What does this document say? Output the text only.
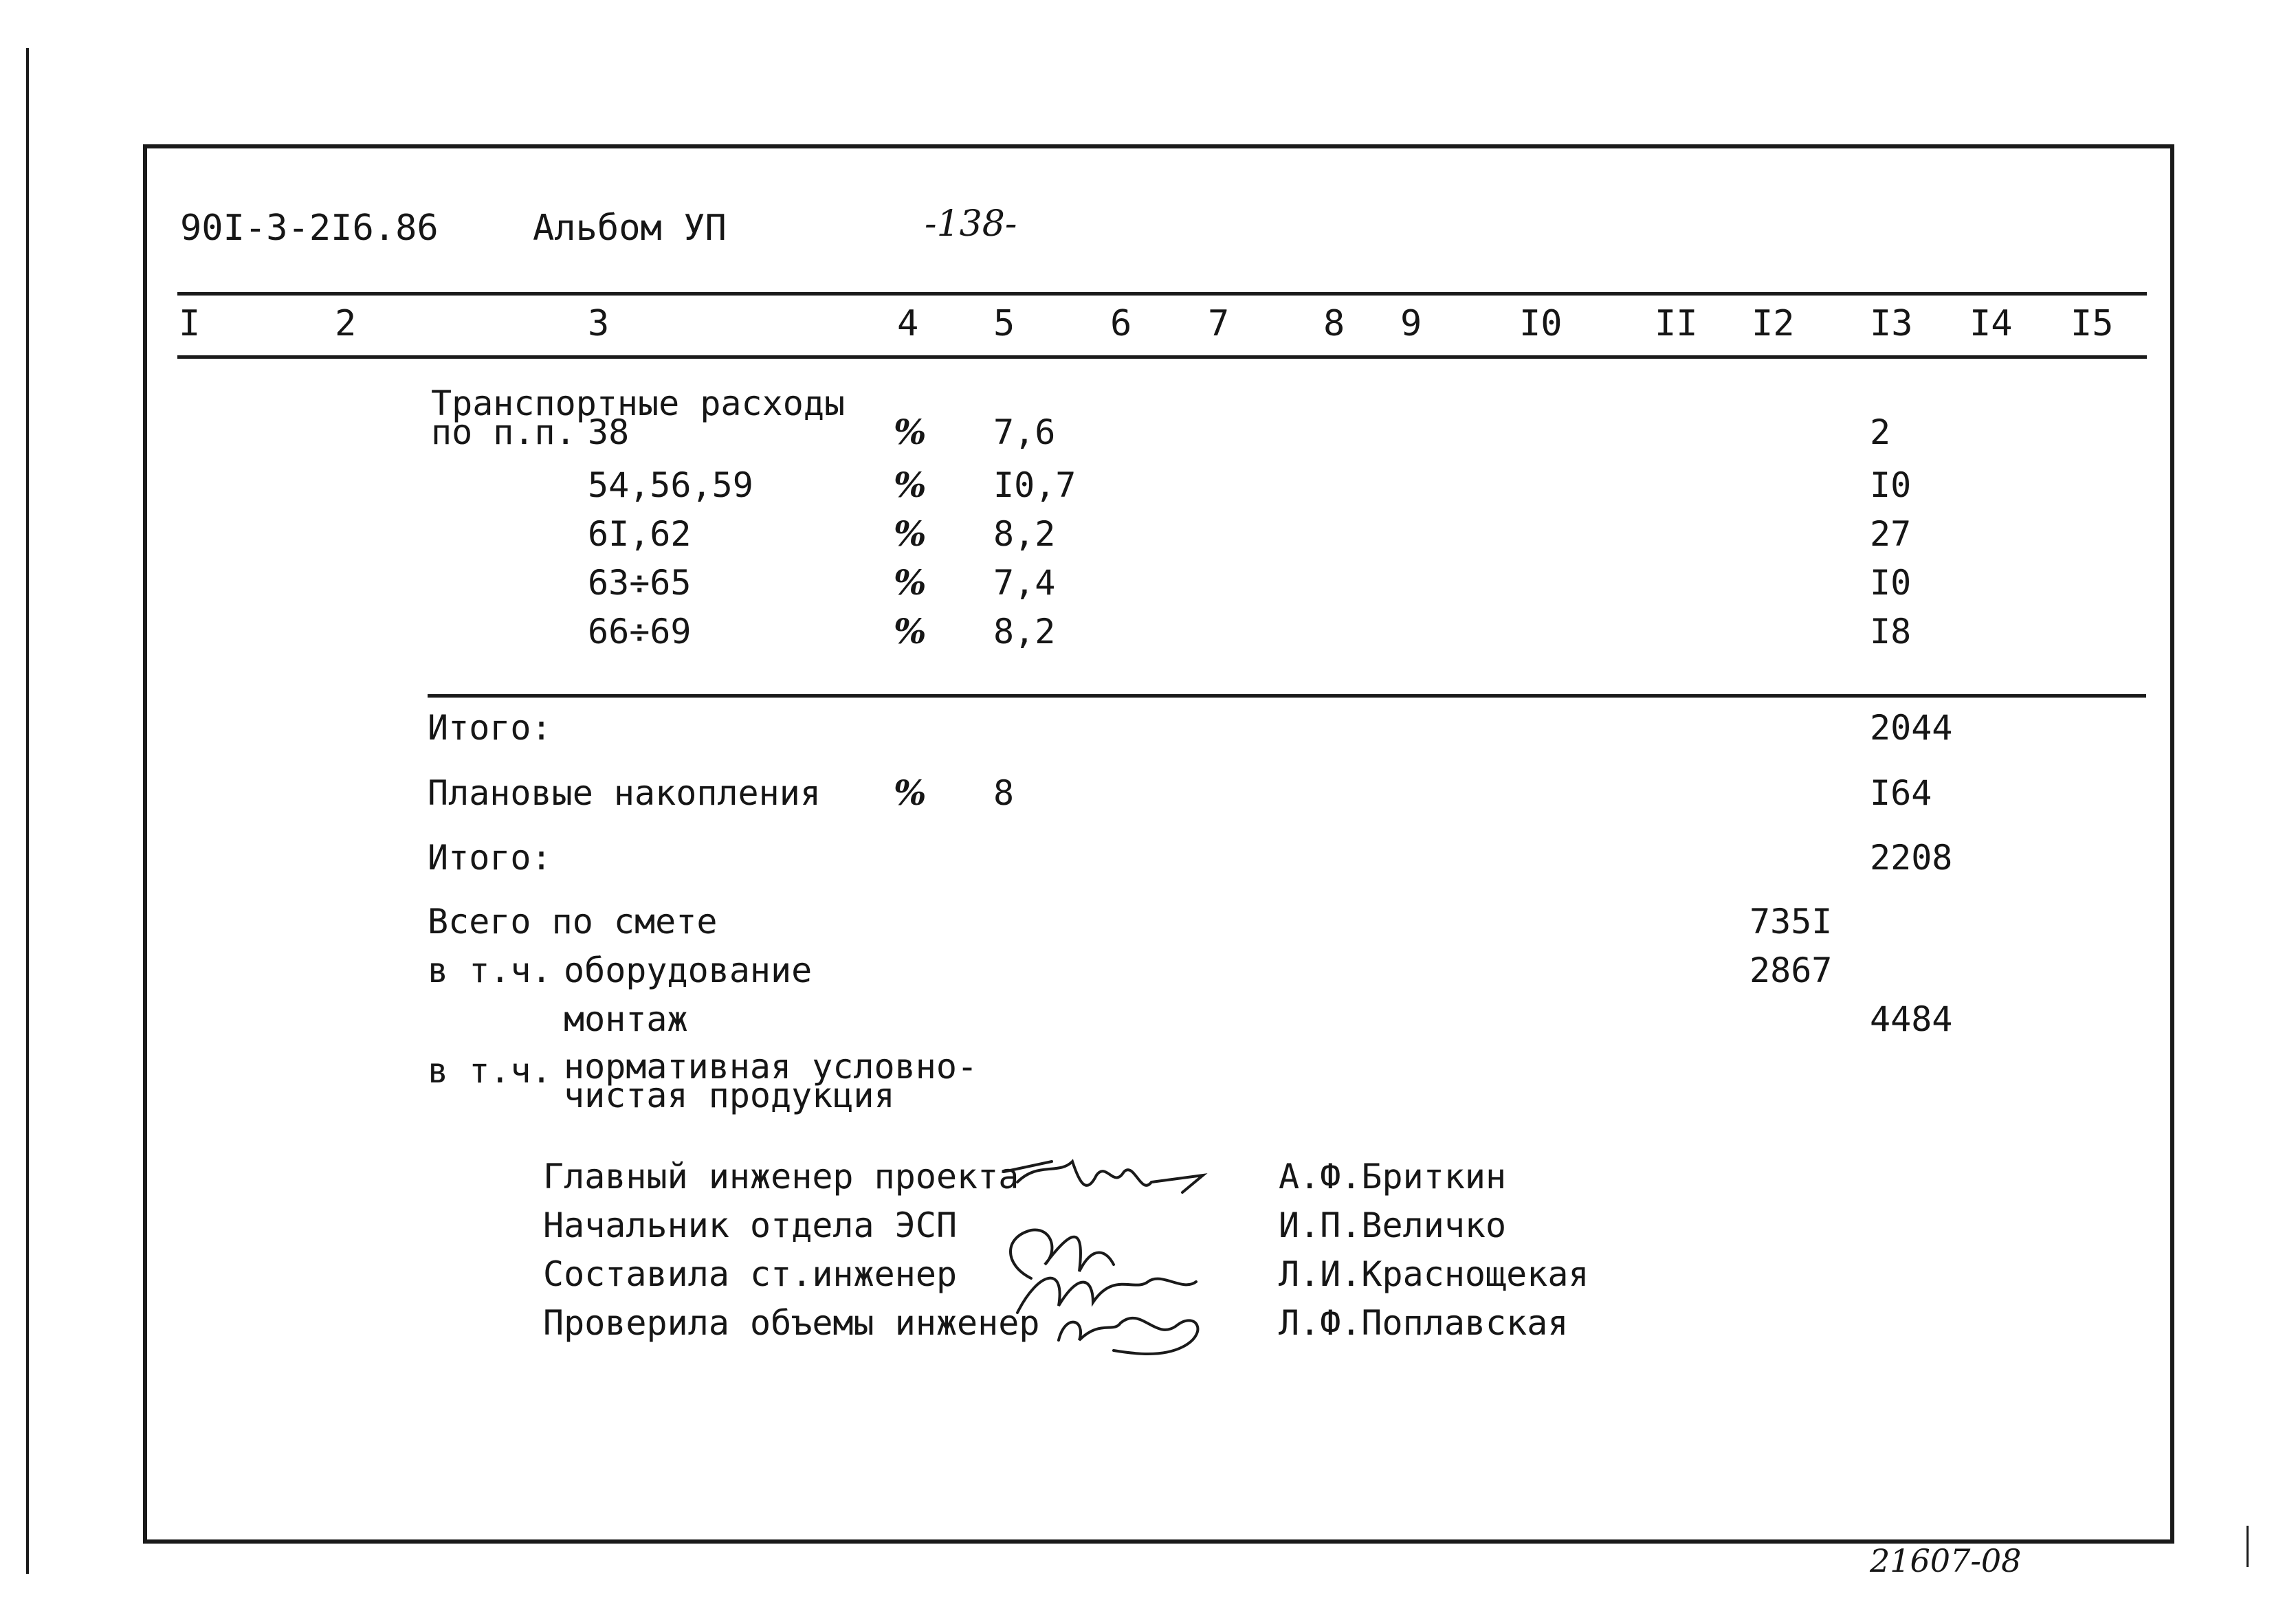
90I-3-2I6.86	Альбом УП	-138-
I	2	3	4 5	6 7	8 9	I0	II I2 I3 I4 I5
Транспортные расходы
по п.п. 38	% 7,6	2
54,56,59	% I0,7	I0
6I,62	% 8,2	27
63÷65	% 7,4	I0
66÷69	% 8,2	I8
Итого:	2044
Плановые накопления % 8	I64
Итого:	2208
Всего по смете	735I
в т.ч. оборудование	2867
монтаж	4484
в т.ч. нормативная условно-
чистая продукция
Главный инженер проекта	А.Ф.Бриткин
Начальник отдела ЭСП	И.П.Величко
Составила ст.инженер	Л.И.Краснощекая
Проверила объемы инженер	Л.Ф.Поплавская
21607-08
